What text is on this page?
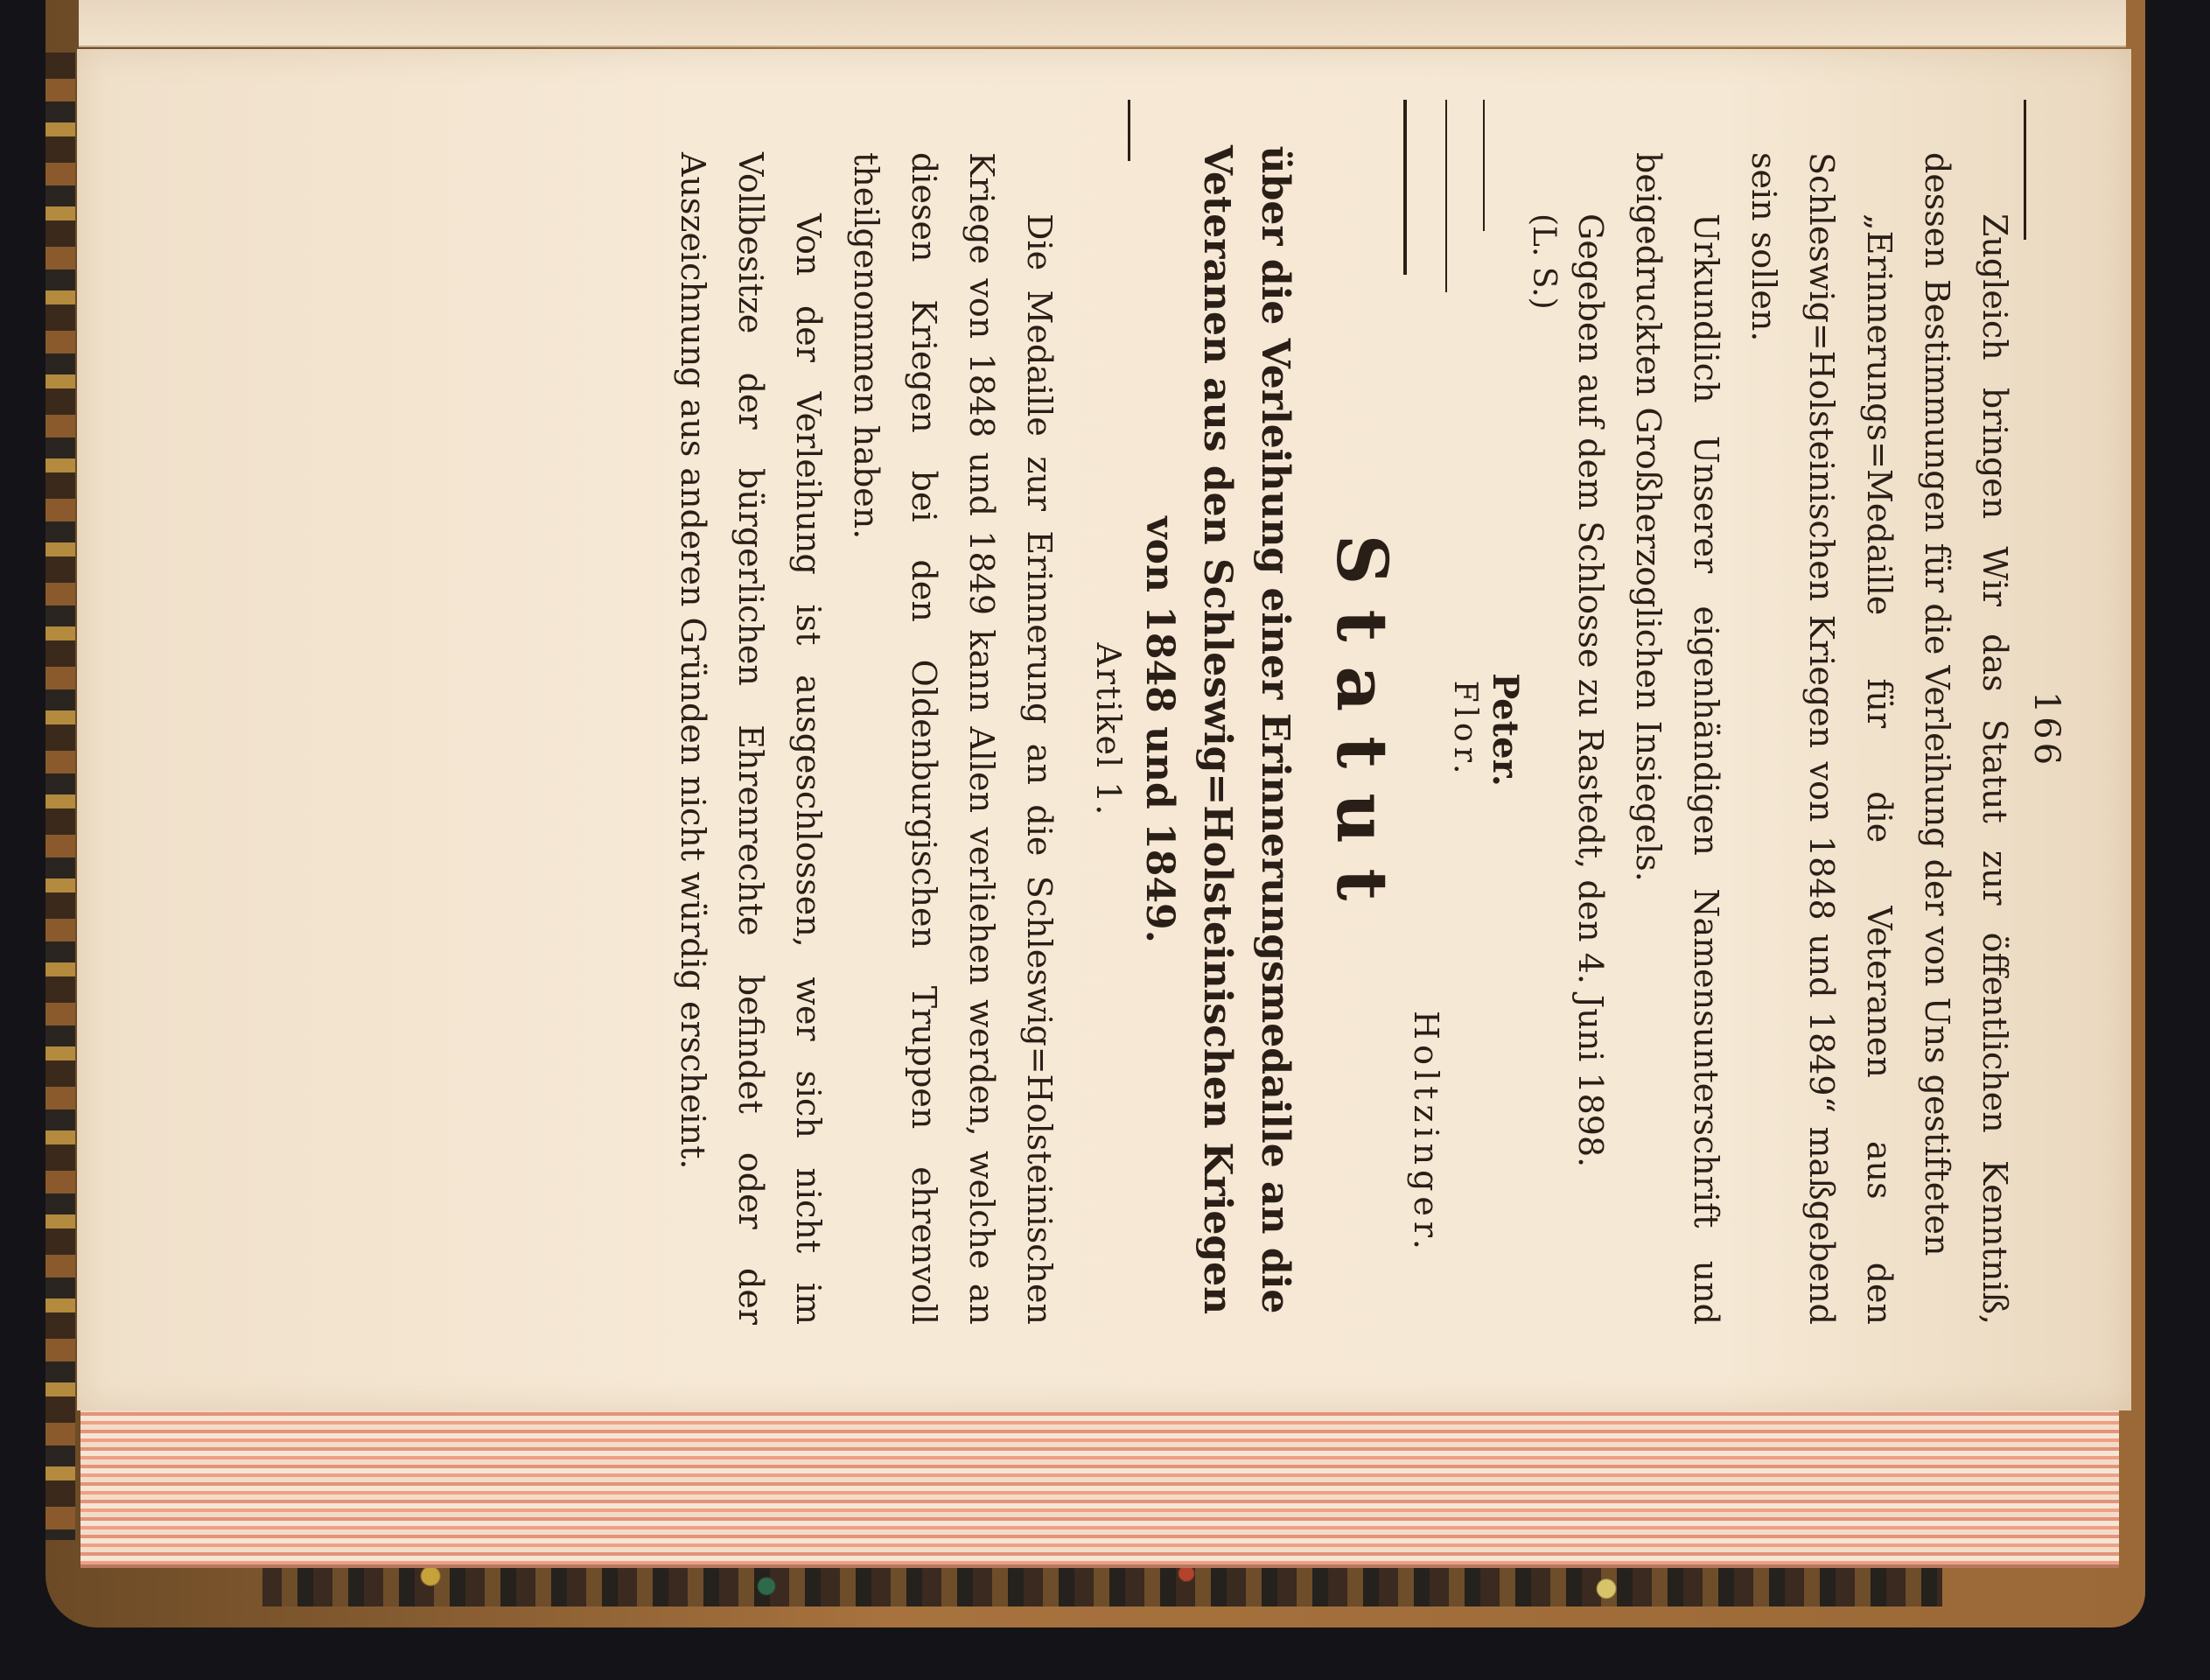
166

Zugleich bringen Wir das Statut zur öffentlichen Kenntniß, dessen Bestimmungen für die Verleihung der von Uns gestifteten

„Erinnerungs=Medaille für die Veteranen aus den Schleswig=Holsteinischen Kriegen von 1848 und 1849“ maßgebend sein sollen.

Urkundlich Unserer eigenhändigen Namensunterschrift und beigedruckten Großherzoglichen Insiegels.

Gegeben auf dem Schlosse zu Rastedt, den 4. Juni 1898.

(L. S.)
Peter.
Flor.
Holtzinger.
Statut
über die Verleihung einer Erinnerungsmedaille an die Veteranen aus den Schleswig=Holsteinischen Kriegen von 1848 und 1849.
Artikel 1.

Die Medaille zur Erinnerung an die Schleswig=Holsteinischen Kriege von 1848 und 1849 kann Allen verliehen werden, welche an diesen Kriegen bei den Oldenburgischen Truppen ehrenvoll theilgenommen haben.

Von der Verleihung ist ausgeschlossen, wer sich nicht im Vollbesitze der bürgerlichen Ehrenrechte befindet oder der Auszeichnung aus anderen Gründen nicht würdig erscheint.
